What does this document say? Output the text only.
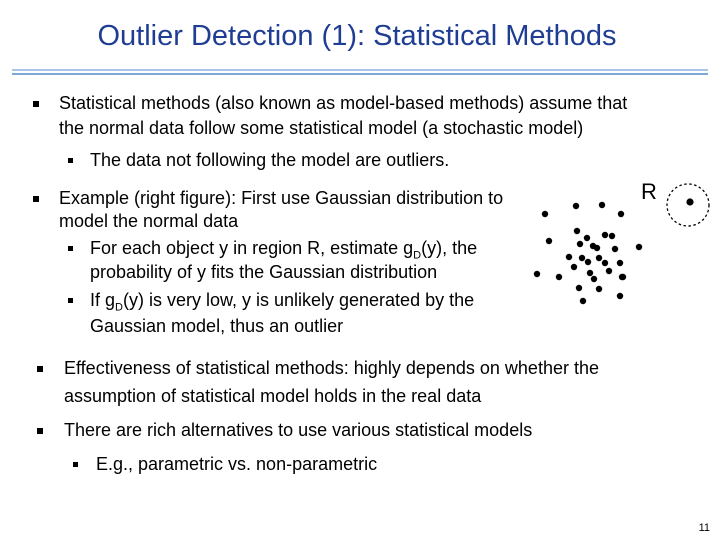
Outlier Detection (1): Statistical Methods
Statistical methods (also known as model-based methods) assume that
the normal data follow some statistical model (a stochastic model)
The data not following the model are outliers.
Example (right figure): First use Gaussian distribution to
model the normal data
For each object y in region R, estimate $g_D(y)$, the
probability of y fits the Gaussian distribution
If $g_D(y)$ is very low, y is unlikely generated by the
Gaussian model, thus an outlier
Effectiveness of statistical methods: highly depends on whether the
assumption of statistical model holds in the real data
There are rich alternatives to use various statistical models
E.g., parametric vs. non-parametric
R
11
